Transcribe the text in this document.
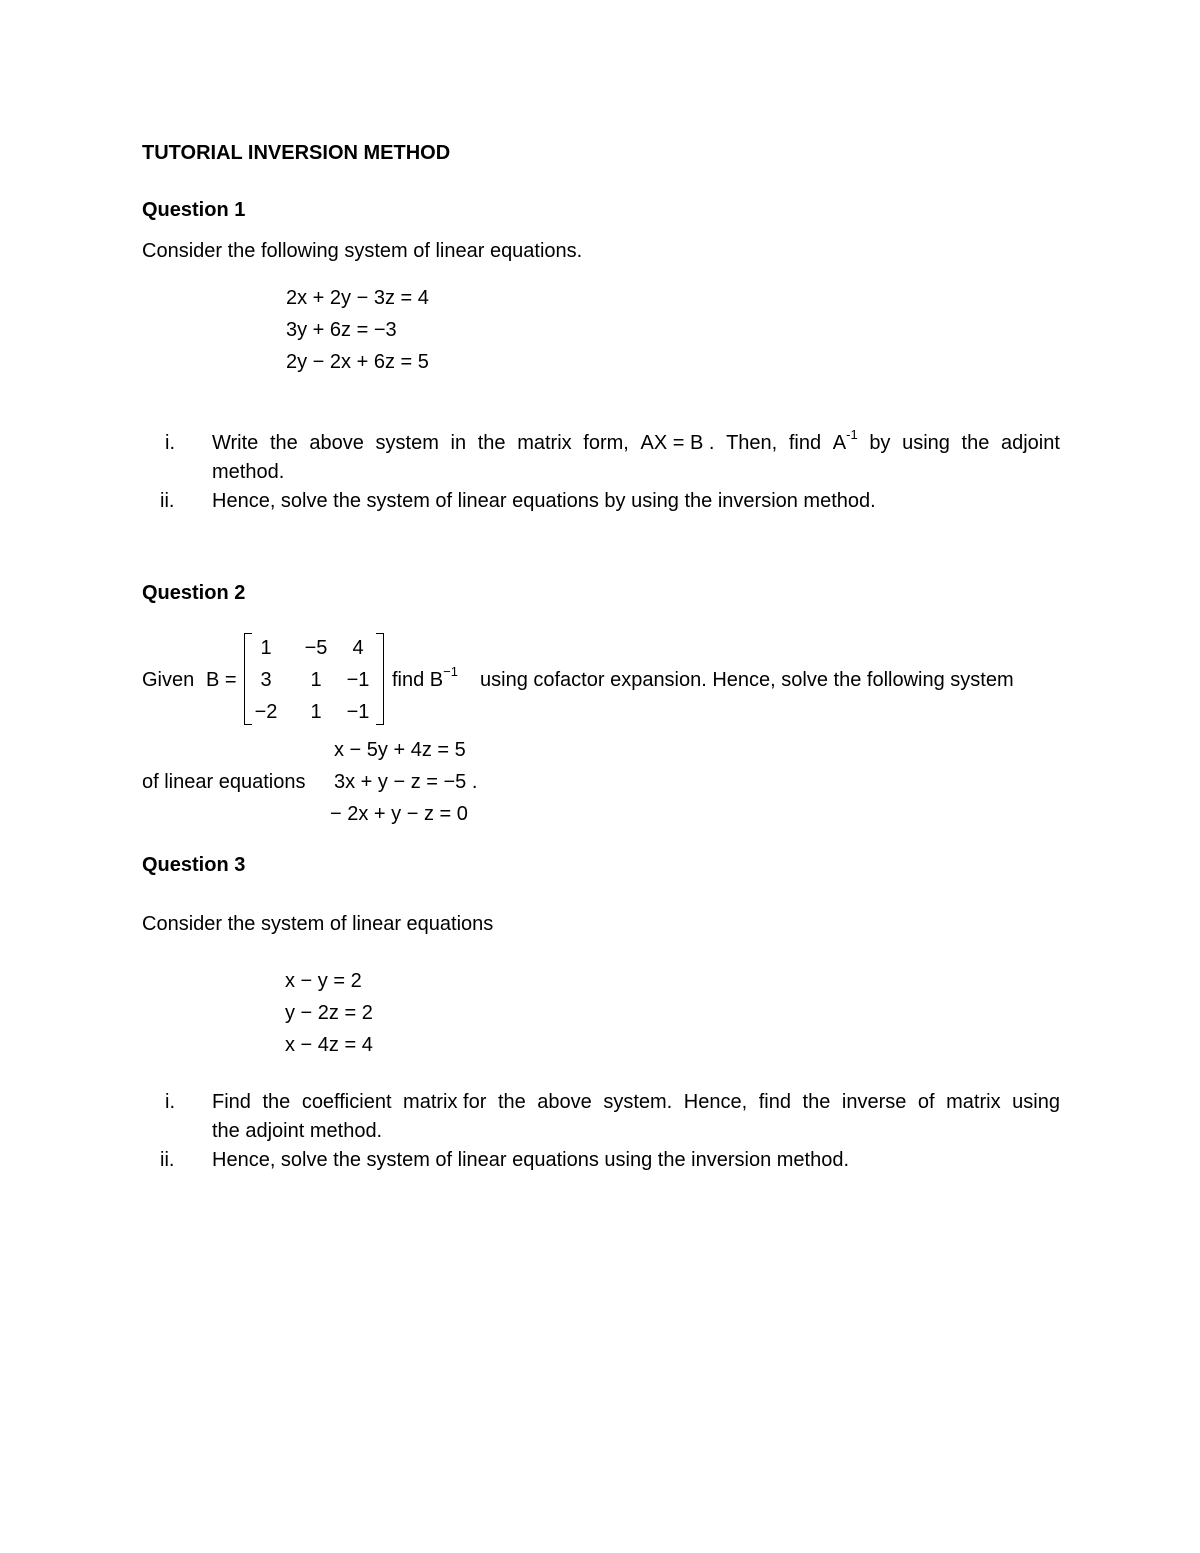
TUTORIAL INVERSION METHOD
Question 1
Consider the following system of linear equations.
2x + 2y − 3z = 4
3y + 6z = −3
2y − 2x + 6z = 5
i. Write the above system in the matrix form, AX = B . Then, find $A^{-1}$ by using the adjoint
method.
ii. Hence, solve the system of linear equations by using the inversion method.
Question 2
Given B =
1	−5	4
3	1	−1
−2	1	−1
find $B^{-1}$ using cofactor expansion. Hence, solve the following system
of linear equations
x − 5y + 4z = 5
3x + y − z = −5 .
− 2x + y − z = 0
Question 3
Consider the system of linear equations
x − y = 2
y − 2z = 2
x − 4z = 4
i. Find the coefficient matrix for the above system. Hence, find the inverse of matrix using
the adjoint method.
ii. Hence, solve the system of linear equations using the inversion method.
